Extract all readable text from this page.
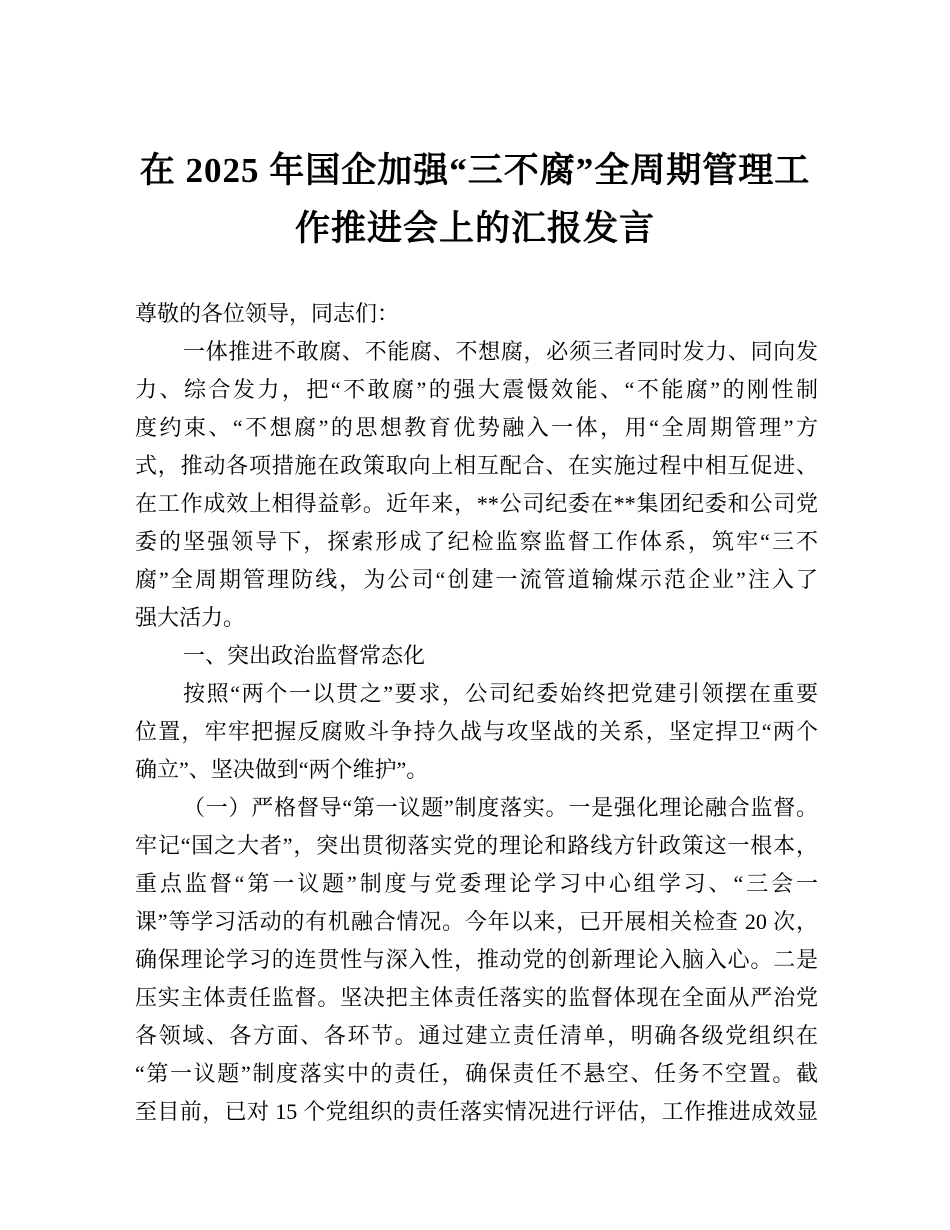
在 2025 年国企加强“三不腐”全周期管理工
作推进会上的汇报发言
尊敬的各位领导，同志们：
一体推进不敢腐、不能腐、不想腐，必须三者同时发力、同向发
力、综合发力，把“不敢腐”的强大震慑效能、“不能腐”的刚性制
度约束、“不想腐”的思想教育优势融入一体，用“全周期管理”方
式，推动各项措施在政策取向上相互配合、在实施过程中相互促进、
在工作成效上相得益彰。近年来，**公司纪委在**集团纪委和公司党
委的坚强领导下，探索形成了纪检监察监督工作体系，筑牢“三不
腐”全周期管理防线，为公司“创建一流管道输煤示范企业”注入了
强大活力。
一、突出政治监督常态化
按照“两个一以贯之”要求，公司纪委始终把党建引领摆在重要
位置，牢牢把握反腐败斗争持久战与攻坚战的关系，坚定捍卫“两个
确立”、坚决做到“两个维护”。
（一）严格督导“第一议题”制度落实。一是强化理论融合监督。
牢记“国之大者”，突出贯彻落实党的理论和路线方针政策这一根本，
重点监督“第一议题”制度与党委理论学习中心组学习、“三会一
课”等学习活动的有机融合情况。今年以来，已开展相关检查 20 次，
确保理论学习的连贯性与深入性，推动党的创新理论入脑入心。二是
压实主体责任监督。坚决把主体责任落实的监督体现在全面从严治党
各领域、各方面、各环节。通过建立责任清单，明确各级党组织在
“第一议题”制度落实中的责任，确保责任不悬空、任务不空置。截
至目前，已对 15 个党组织的责任落实情况进行评估，工作推进成效显
